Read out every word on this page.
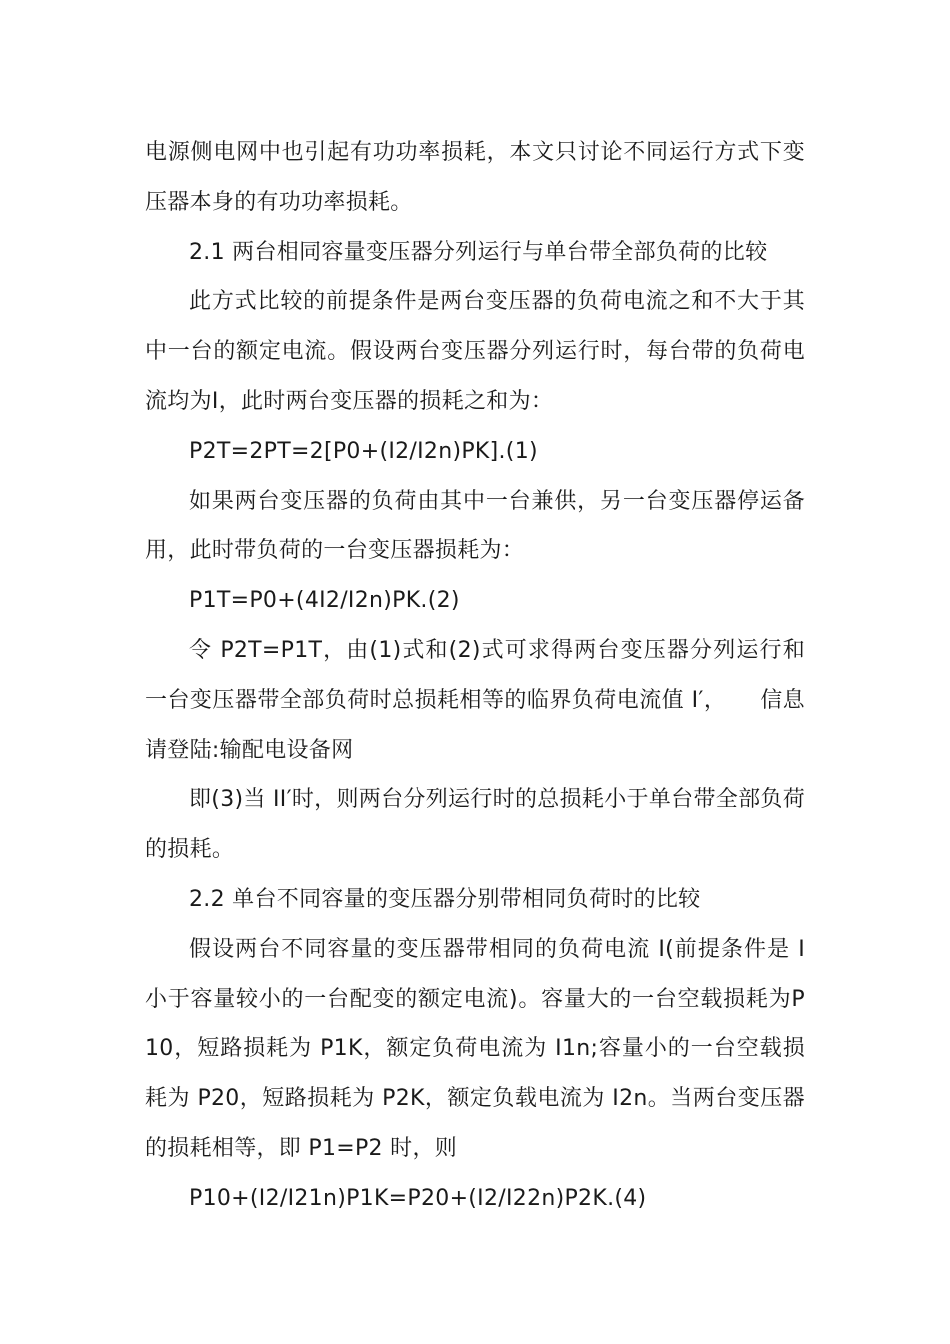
电源侧电网中也引起有功功率损耗，本文只讨论不同运行方式下变压器本身的有功功率损耗。

2.1 两台相同容量变压器分列运行与单台带全部负荷的比较

此方式比较的前提条件是两台变压器的负荷电流之和不大于其中一台的额定电流。假设两台变压器分列运行时，每台带的负荷电流均为I，此时两台变压器的损耗之和为：

P2T=2PT=2[P0+(I2/I2n)PK].(1)

如果两台变压器的负荷由其中一台兼供，另一台变压器停运备用，此时带负荷的一台变压器损耗为：

P1T=P0+(4I2/I2n)PK.(2)

令 P2T=P1T，由(1)式和(2)式可求得两台变压器分列运行和一台变压器带全部负荷时总损耗相等的临界负荷电流值 I′，　　信息请登陆:输配电设备网

即(3)当 II′时，则两台分列运行时的总损耗小于单台带全部负荷的损耗。

2.2 单台不同容量的变压器分别带相同负荷时的比较

假设两台不同容量的变压器带相同的负荷电流 I(前提条件是 I 小于容量较小的一台配变的额定电流)。容量大的一台空载损耗为P10，短路损耗为 P1K，额定负荷电流为 I1n;容量小的一台空载损耗为 P20，短路损耗为 P2K，额定负载电流为 I2n。当两台变压器的损耗相等，即 P1=P2 时，则

P10+(I2/I21n)P1K=P20+(I2/I22n)P2K.(4)
